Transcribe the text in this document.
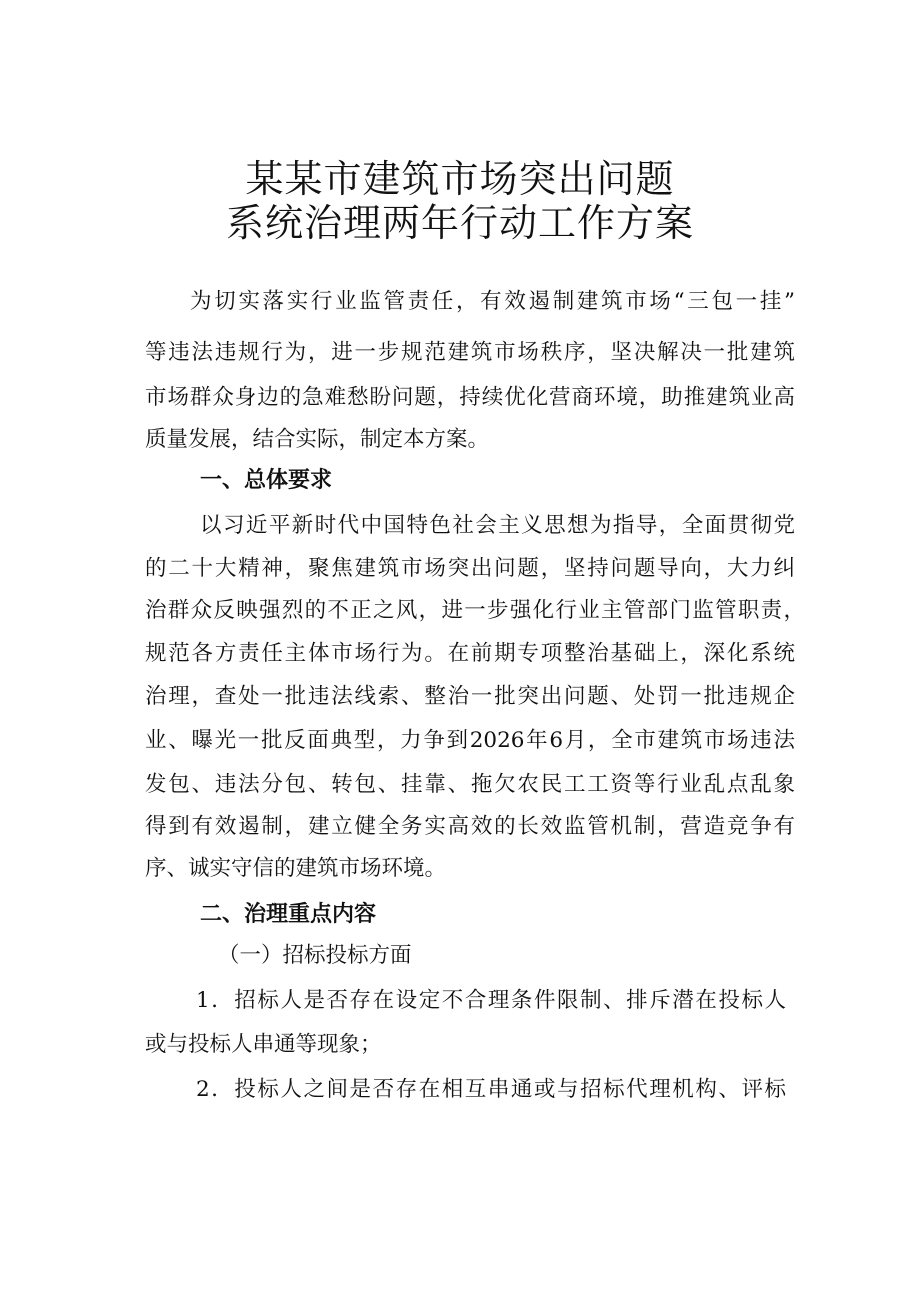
某某市建筑市场突出问题
系统治理两年行动工作方案

为切实落实行业监管责任，有效遏制建筑市场“三包一挂”

等违法违规行为，进一步规范建筑市场秩序，坚决解决一批建筑

市场群众身边的急难愁盼问题，持续优化营商环境，助推建筑业高

质量发展，结合实际，制定本方案。

一、总体要求

以习近平新时代中国特色社会主义思想为指导，全面贯彻党

的二十大精神，聚焦建筑市场突出问题，坚持问题导向，大力纠

治群众反映强烈的不正之风，进一步强化行业主管部门监管职责，

规范各方责任主体市场行为。在前期专项整治基础上，深化系统

治理，查处一批违法线索、整治一批突出问题、处罚一批违规企

业、曝光一批反面典型，力争到2026年6月，全市建筑市场违法

发包、违法分包、转包、挂靠、拖欠农民工工资等行业乱点乱象

得到有效遏制，建立健全务实高效的长效监管机制，营造竞争有

序、诚实守信的建筑市场环境。

二、治理重点内容

（一）招标投标方面

1．招标人是否存在设定不合理条件限制、排斥潜在投标人

或与投标人串通等现象；

2．投标人之间是否存在相互串通或与招标代理机构、评标
